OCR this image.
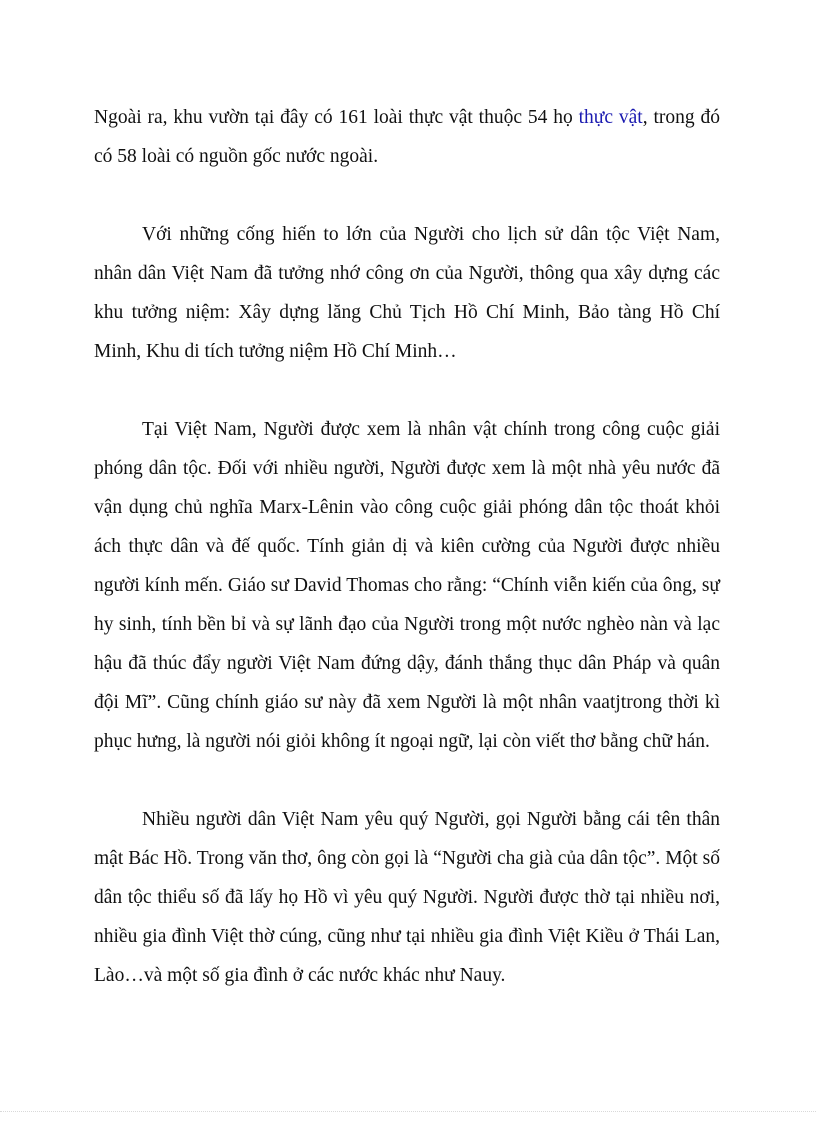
Ngoài ra, khu vườn tại đây có 161 loài thực vật thuộc 54 họ thực vật, trong đó có 58 loài có nguồn gốc nước ngoài.

Với những cống hiến to lớn của Người cho lịch sử dân tộc Việt Nam, nhân dân Việt Nam đã tưởng nhớ công ơn của Người, thông qua xây dựng các khu tưởng niệm: Xây dựng lăng Chủ Tịch Hồ Chí Minh, Bảo tàng Hồ Chí Minh, Khu di tích tưởng niệm Hồ Chí Minh…

Tại Việt Nam, Người được xem là nhân vật chính trong công cuộc giải phóng dân tộc. Đối với nhiều người, Người được xem là một nhà yêu nước đã vận dụng chủ nghĩa Marx-Lênin vào công cuộc giải phóng dân tộc thoát khỏi ách thực dân và đế quốc. Tính giản dị và kiên cường của Người được nhiều người kính mến. Giáo sư David Thomas cho rằng: “Chính viễn kiến của ông, sự hy sinh, tính bền bỉ và sự lãnh đạo của Người trong một nước nghèo nàn và lạc hậu đã thúc đẩy người Việt Nam đứng dậy, đánh thắng thục dân Pháp và quân đội Mĩ”. Cũng chính giáo sư này đã xem Người là một nhân vaatjtrong thời kì phục hưng, là người nói giỏi không ít ngoại ngữ, lại còn viết thơ bằng chữ hán.

Nhiều người dân Việt Nam yêu quý Người, gọi Người bằng cái tên thân mật Bác Hồ. Trong văn thơ, ông còn gọi là “Người cha già của dân tộc”. Một số dân tộc thiểu số đã lấy họ Hồ vì yêu quý Người. Người được thờ tại nhiều nơi, nhiều gia đình Việt thờ cúng, cũng như tại nhiều gia đình Việt Kiều ở Thái Lan, Lào…và một số gia đình ở các nước khác như Nauy.
